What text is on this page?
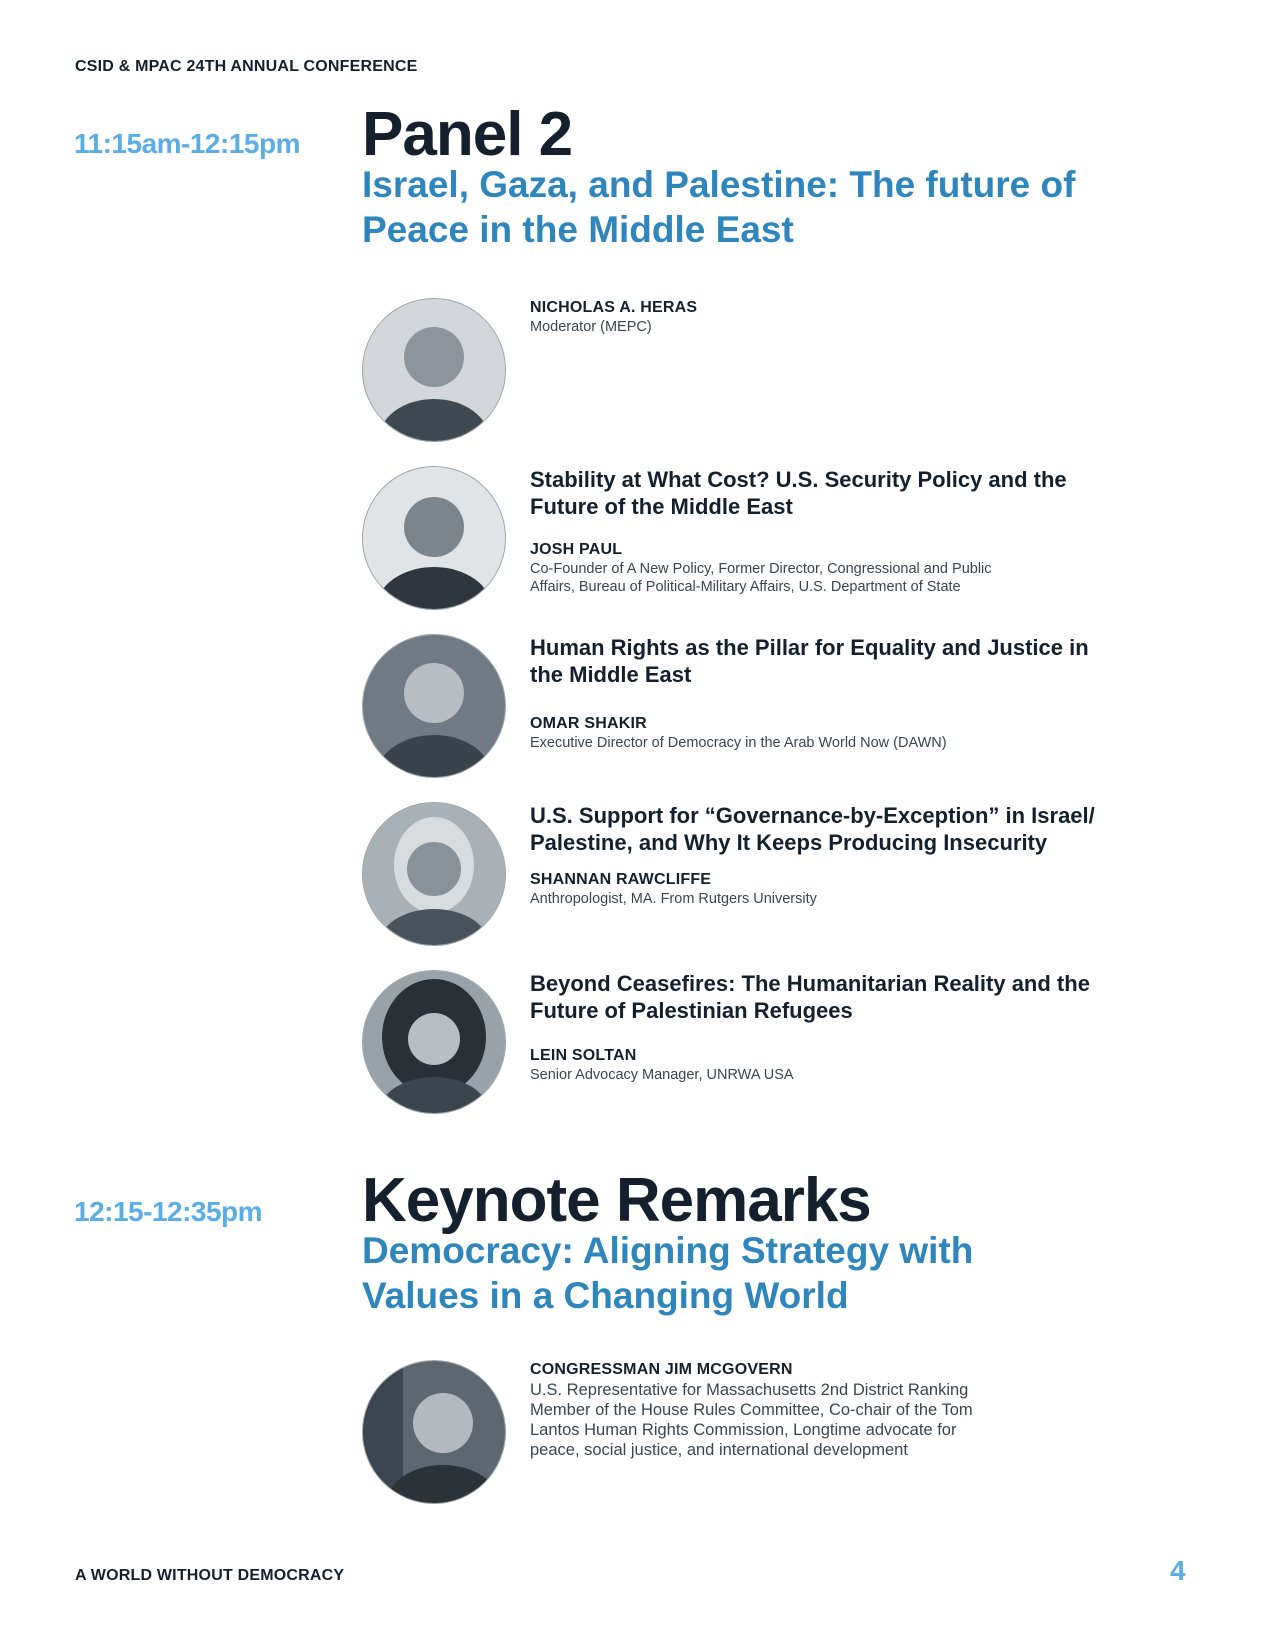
CSID & MPAC 24TH ANNUAL CONFERENCE
11:15am-12:15pm Panel 2
Israel, Gaza, and Palestine: The future of
Peace in the Middle East
NICHOLAS A. HERAS
Moderator (MEPC)
Stability at What Cost? U.S. Security Policy and the
Future of the Middle East
JOSH PAUL
Co-Founder of A New Policy, Former Director, Congressional and Public
Affairs, Bureau of Political-Military Affairs, U.S. Department of State
Human Rights as the Pillar for Equality and Justice in
the Middle East
OMAR SHAKIR
Executive Director of Democracy in the Arab World Now (DAWN)
U.S. Support for “Governance-by-Exception” in Israel/
Palestine, and Why It Keeps Producing Insecurity
SHANNAN RAWCLIFFE
Anthropologist, MA. From Rutgers University
Beyond Ceasefires: The Humanitarian Reality and the
Future of Palestinian Refugees
LEIN SOLTAN
Senior Advocacy Manager, UNRWA USA
12:15-12:35pm Keynote Remarks
Democracy: Aligning Strategy with
Values in a Changing World
CONGRESSMAN JIM MCGOVERN
U.S. Representative for Massachusetts 2nd District Ranking
Member of the House Rules Committee, Co-chair of the Tom
Lantos Human Rights Commission, Longtime advocate for
peace, social justice, and international development
A WORLD WITHOUT DEMOCRACY	4
